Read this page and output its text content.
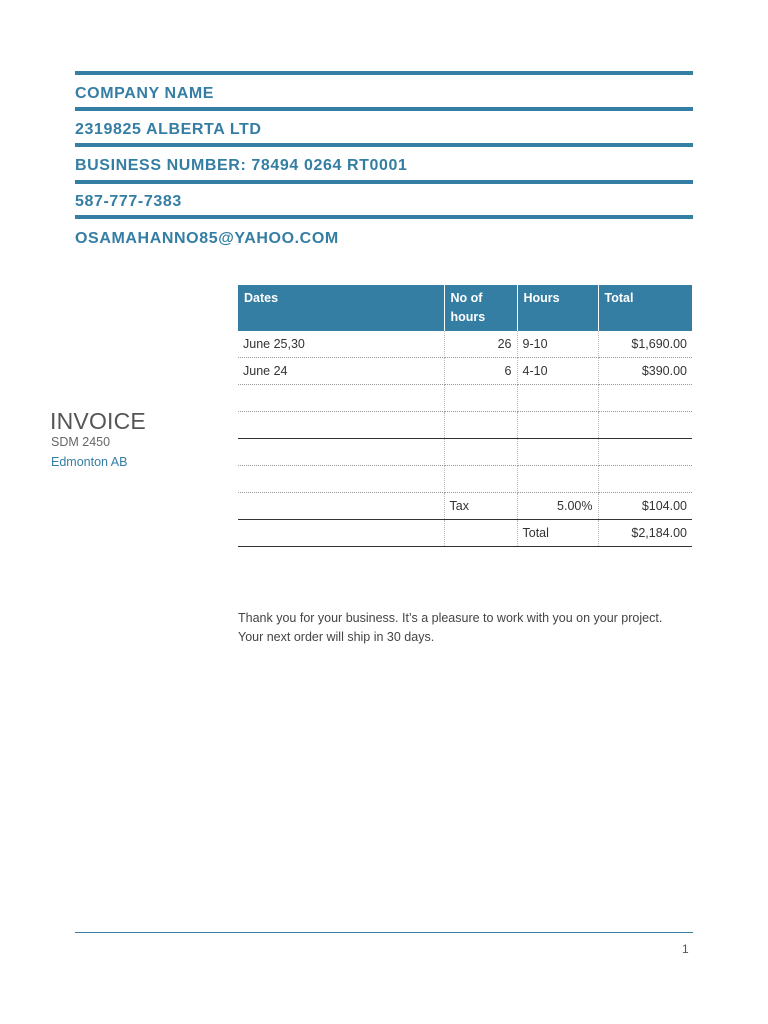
COMPANY NAME
2319825 ALBERTA LTD
BUSINESS NUMBER: 78494 0264 RT0001
587-777-7383
OSAMAHANNO85@YAHOO.COM
INVOICE
SDM 2450
Edmonton AB
Dates	No of hours	Hours	Total
June 25,30	26	9-10	$1,690.00
June 24	6	4-10	$390.00

	Tax	5.00%	$104.00
		Total	$2,184.00
Thank you for your business. It’s a pleasure to work with you on your project.
Your next order will ship in 30 days.
1
